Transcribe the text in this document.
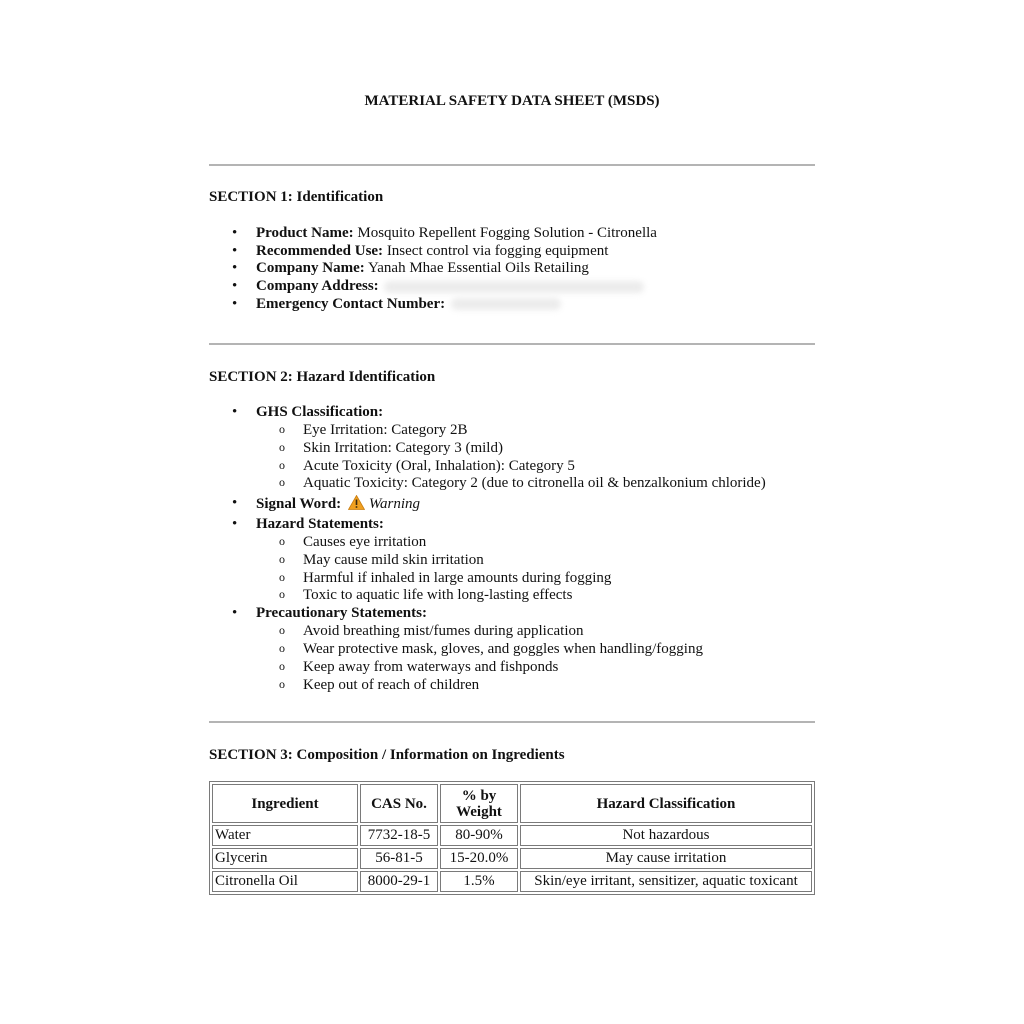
MATERIAL SAFETY DATA SHEET (MSDS)
SECTION 1: Identification
• Product Name: Mosquito Repellent Fogging Solution - Citronella
• Recommended Use: Insect control via fogging equipment
• Company Name: Yanah Mhae Essential Oils Retailing
• Company Address:
• Emergency Contact Number:
SECTION 2: Hazard Identification
• GHS Classification:
o Eye Irritation: Category 2B
o Skin Irritation: Category 3 (mild)
o Acute Toxicity (Oral, Inhalation): Category 5
o Aquatic Toxicity: Category 2 (due to citronella oil & benzalkonium chloride)
• Signal Word: Warning
• Hazard Statements:
o Causes eye irritation
o May cause mild skin irritation
o Harmful if inhaled in large amounts during fogging
o Toxic to aquatic life with long-lasting effects
• Precautionary Statements:
o Avoid breathing mist/fumes during application
o Wear protective mask, gloves, and goggles when handling/fogging
o Keep away from waterways and fishponds
o Keep out of reach of children
SECTION 3: Composition / Information on Ingredients
Ingredient	CAS No.	% by Weight	Hazard Classification
Water	7732-18-5	80-90%	Not hazardous
Glycerin	56-81-5	15-20.0%	May cause irritation
Citronella Oil	8000-29-1	1.5%	Skin/eye irritant, sensitizer, aquatic toxicant
